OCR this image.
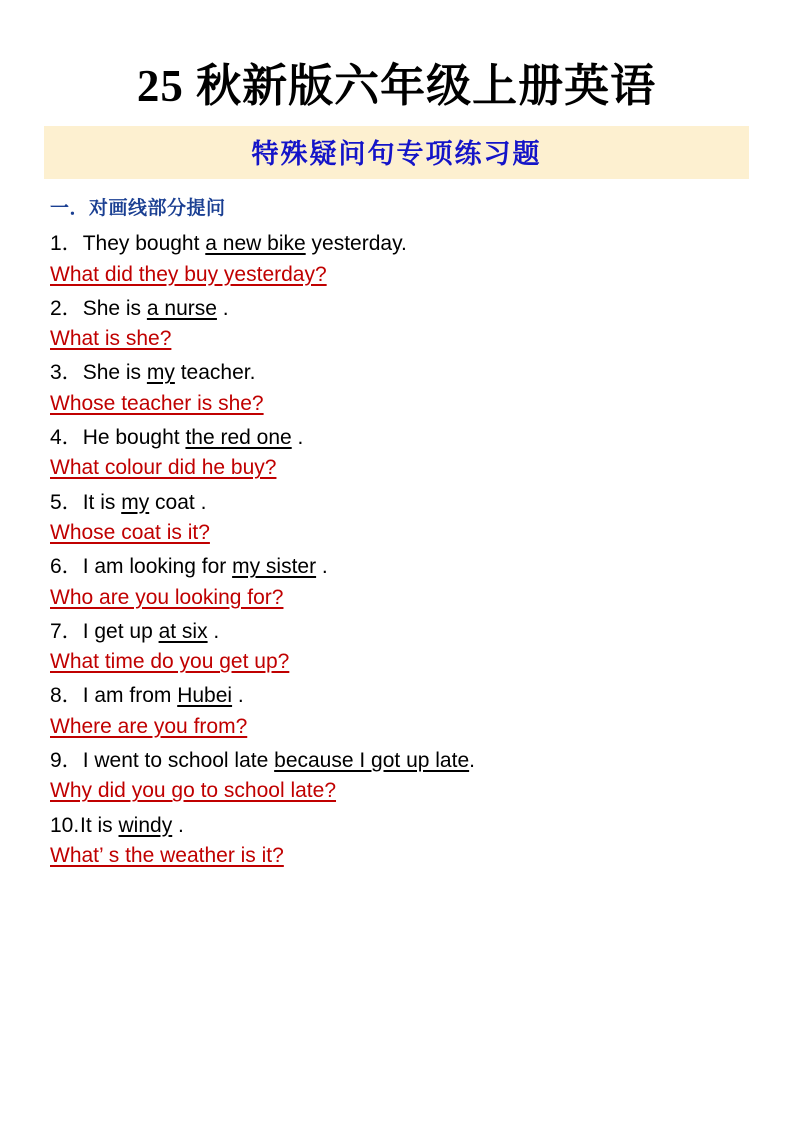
25 秋新版六年级上册英语
特殊疑问句专项练习题
一．对画线部分提问
1．They bought a new bike yesterday.
What did they buy yesterday?
2．She is a nurse .
What is she?
3．She is my teacher.
Whose teacher is she?
4．He bought the red one .
What colour did he buy?
5．It is my coat .
Whose coat is it?
6．I am looking for my sister .
Who are you looking for?
7．I get up at six .
What time do you get up?
8．I am from Hubei .
Where are you from?
9．I went to school late because I got up late.
Why did you go to school late?
10.It is windy .
What’ s the weather is it?
